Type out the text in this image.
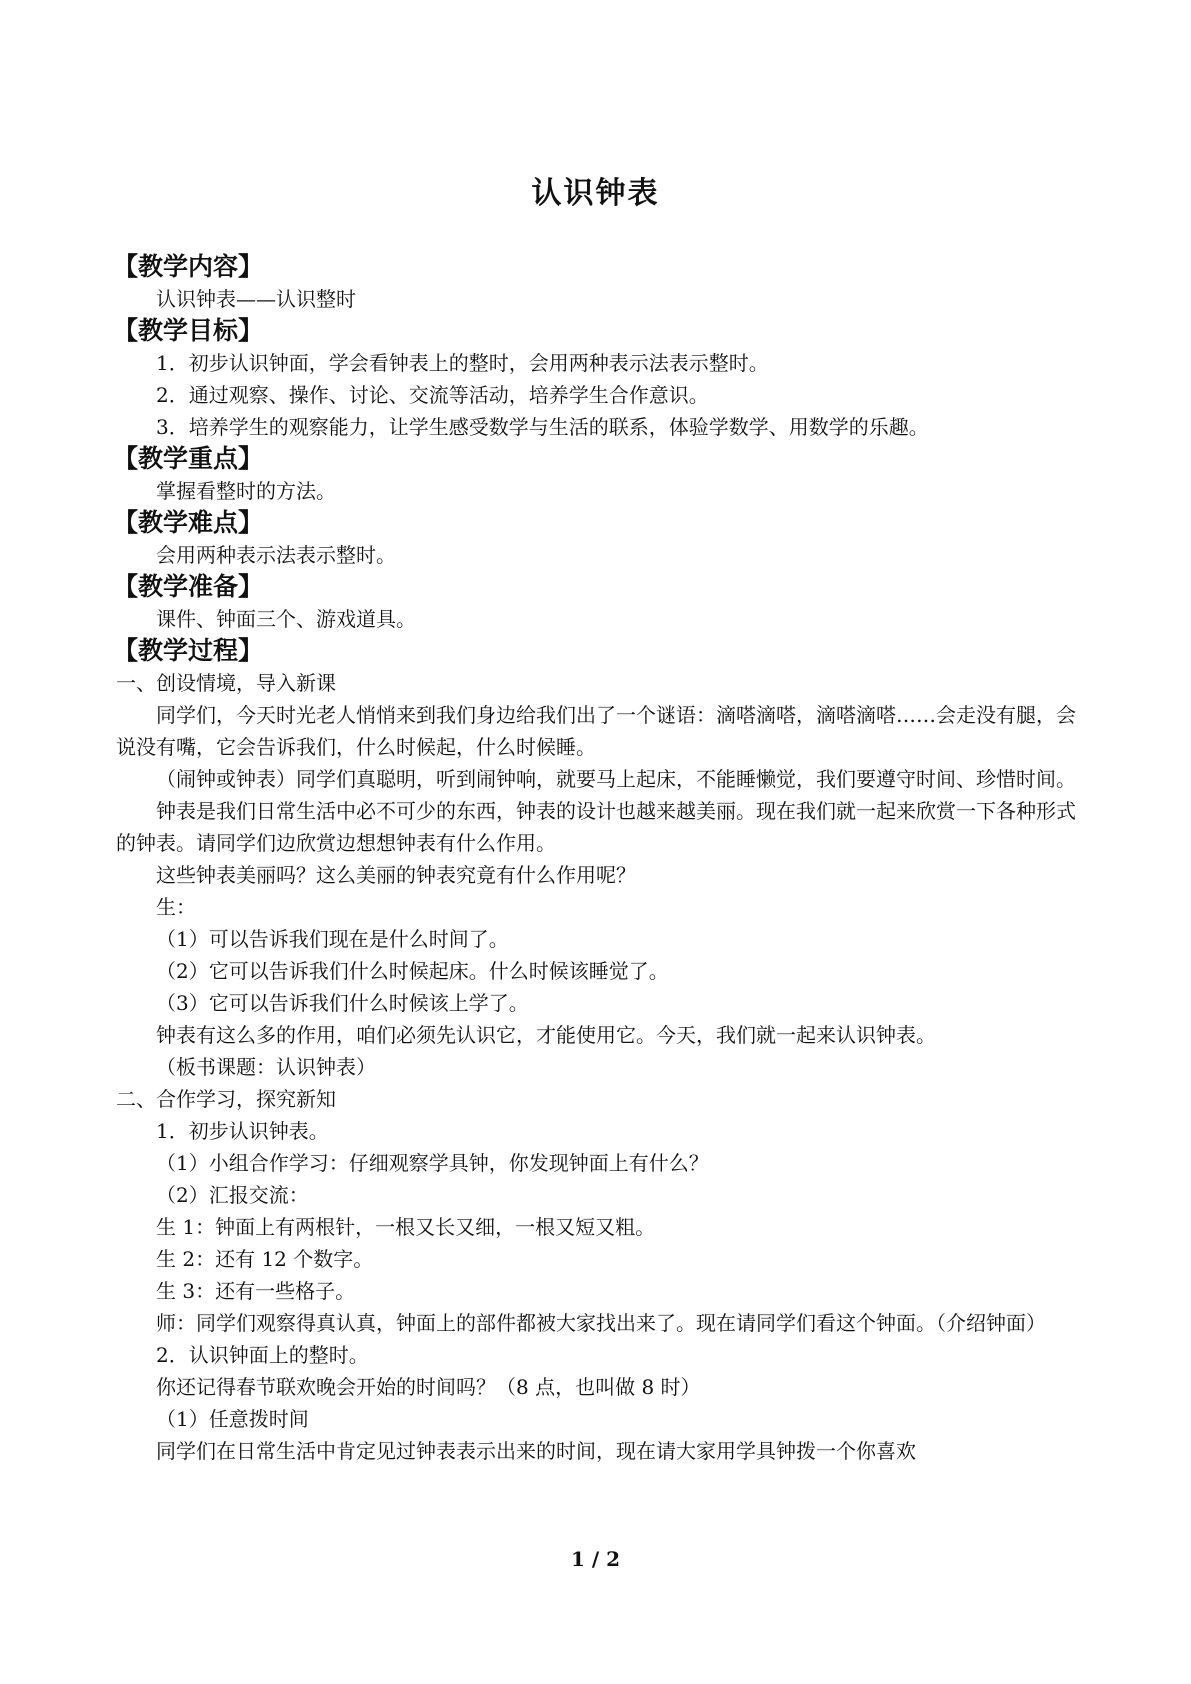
认识钟表
【教学内容】
认识钟表——认识整时
【教学目标】
1．初步认识钟面，学会看钟表上的整时，会用两种表示法表示整时。
2．通过观察、操作、讨论、交流等活动，培养学生合作意识。
3．培养学生的观察能力，让学生感受数学与生活的联系，体验学数学、用数学的乐趣。
【教学重点】
掌握看整时的方法。
【教学难点】
会用两种表示法表示整时。
【教学准备】
课件、钟面三个、游戏道具。
【教学过程】
一、创设情境，导入新课
同学们，今天时光老人悄悄来到我们身边给我们出了一个谜语：滴嗒滴嗒，滴嗒滴嗒……会走没有腿，会说没有嘴，它会告诉我们，什么时候起，什么时候睡。
（闹钟或钟表）同学们真聪明，听到闹钟响，就要马上起床，不能睡懒觉，我们要遵守时间、珍惜时间。
钟表是我们日常生活中必不可少的东西，钟表的设计也越来越美丽。现在我们就一起来欣赏一下各种形式的钟表。请同学们边欣赏边想想钟表有什么作用。
这些钟表美丽吗？这么美丽的钟表究竟有什么作用呢？
生：
（1）可以告诉我们现在是什么时间了。
（2）它可以告诉我们什么时候起床。什么时候该睡觉了。
（3）它可以告诉我们什么时候该上学了。
钟表有这么多的作用，咱们必须先认识它，才能使用它。今天，我们就一起来认识钟表。
（板书课题：认识钟表）
二、合作学习，探究新知
1．初步认识钟表。
（1）小组合作学习：仔细观察学具钟，你发现钟面上有什么？
（2）汇报交流：
生 1：钟面上有两根针，一根又长又细，一根又短又粗。
生 2：还有 12 个数字。
生 3：还有一些格子。
师：同学们观察得真认真，钟面上的部件都被大家找出来了。现在请同学们看这个钟面。（介绍钟面）
2．认识钟面上的整时。
你还记得春节联欢晚会开始的时间吗？（8 点，也叫做 8 时）
（1）任意拨时间
同学们在日常生活中肯定见过钟表表示出来的时间，现在请大家用学具钟拨一个你喜欢
1 / 2
